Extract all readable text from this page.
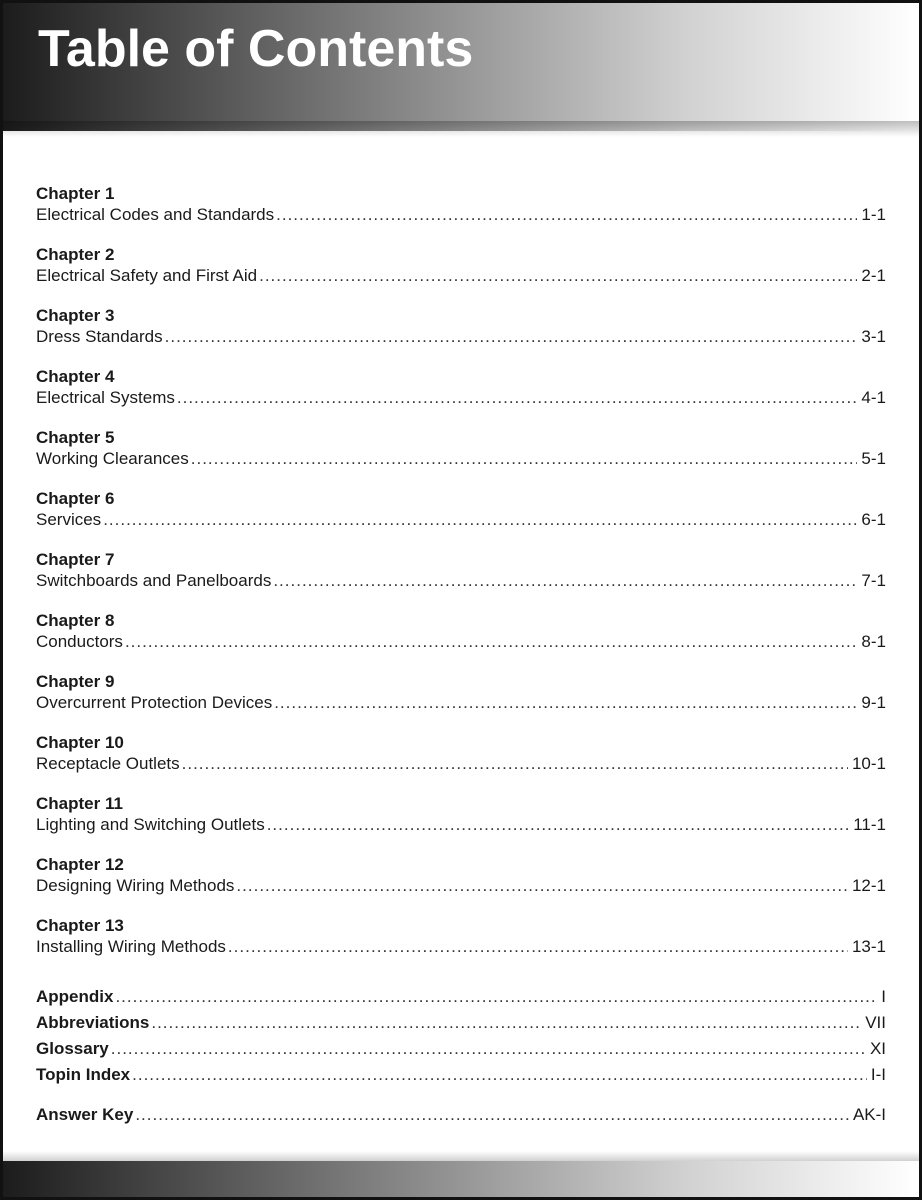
Table of Contents
Chapter 1
Electrical Codes and Standards .....	1-1
Chapter 2
Electrical Safety and First Aid .....	2-1
Chapter 3
Dress Standards .....	3-1
Chapter 4
Electrical Systems .....	4-1
Chapter 5
Working Clearances .....	5-1
Chapter 6
Services .....	6-1
Chapter 7
Switchboards and Panelboards .....	7-1
Chapter 8
Conductors .....	8-1
Chapter 9
Overcurrent Protection Devices .....	9-1
Chapter 10
Receptacle Outlets .....	10-1
Chapter 11
Lighting and Switching Outlets .....	11-1
Chapter 12
Designing Wiring Methods .....	12-1
Chapter 13
Installing Wiring Methods .....	13-1
Appendix .....	I
Abbreviations .....	VII
Glossary .....	XI
Topin Index .....	I-I
Answer Key .....	AK-I
